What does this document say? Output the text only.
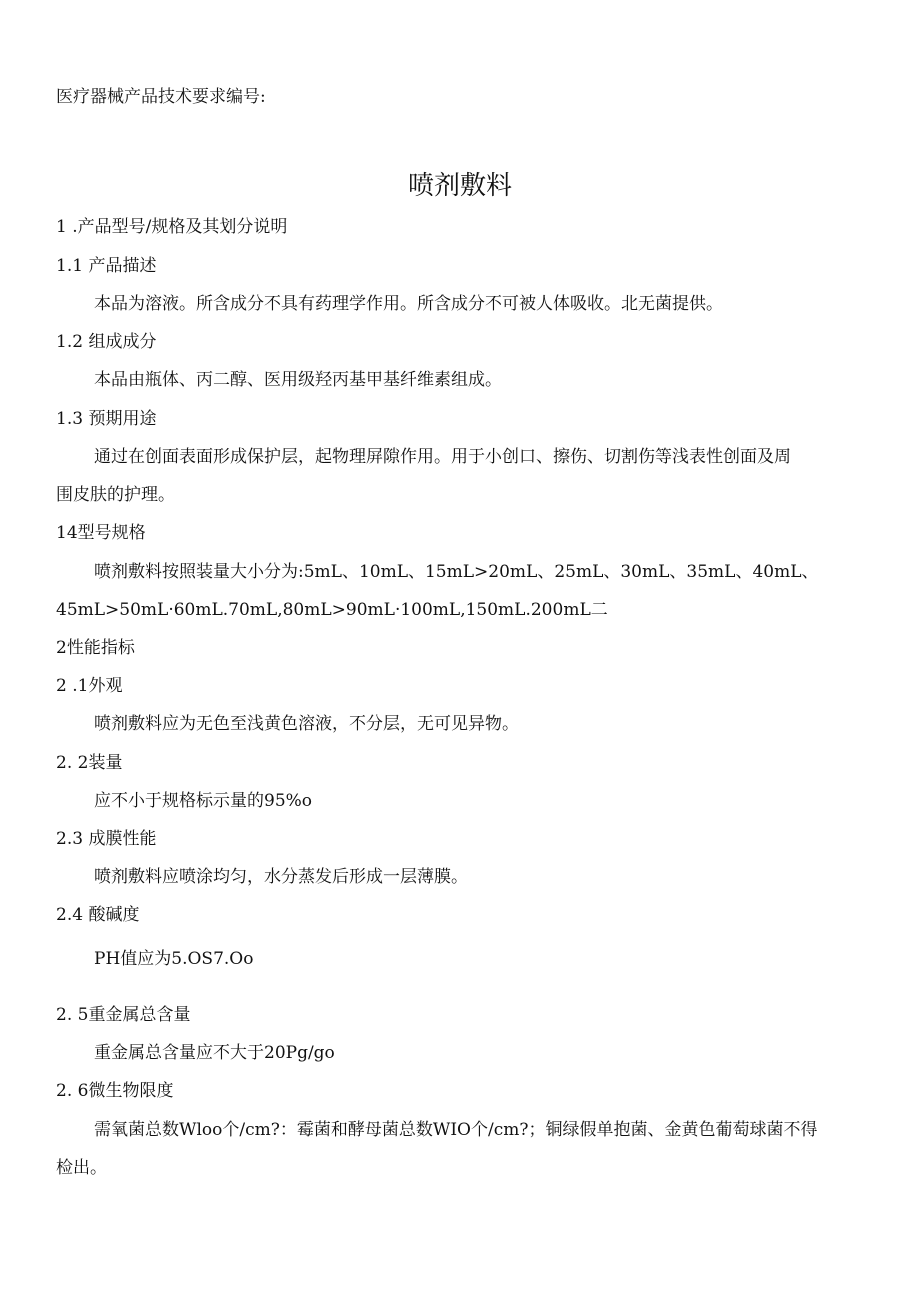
医疗器械产品技术要求编号:
喷剂敷料
1 .产品型号/规格及其划分说明
1.1 产品描述
本品为溶液。所含成分不具有药理学作用。所含成分不可被人体吸收。北无菌提供。
1.2 组成成分
本品由瓶体、丙二醇、医用级羟丙基甲基纤维素组成。
1.3 预期用途
通过在创面表面形成保护层，起物理屏隙作用。用于小创口、擦伤、切割伤等浅表性创面及周
围皮肤的护理。
14型号规格
喷剂敷料按照装量大小分为:5mL、10mL、15mL>20mL、25mL、30mL、35mL、40mL、
45mL>50mL·60mL.70mL,80mL>90mL·100mL,150mL.200mL二
2性能指标
2 .1外观
喷剂敷料应为无色至浅黄色溶液，不分层，无可见异物。
2. 2装量
应不小于规格标示量的95%o
2.3 成膜性能
喷剂敷料应喷涂均匀，水分蒸发后形成一层薄膜。
2.4 酸碱度
PH值应为5.OS7.Oo
2. 5重金属总含量
重金属总含量应不大于20Pg/go
2. 6微生物限度
需氧菌总数Wloo个/cm?：霉菌和酵母菌总数WIO个/cm?；铜绿假单抱菌、金黄色葡萄球菌不得
检出。
